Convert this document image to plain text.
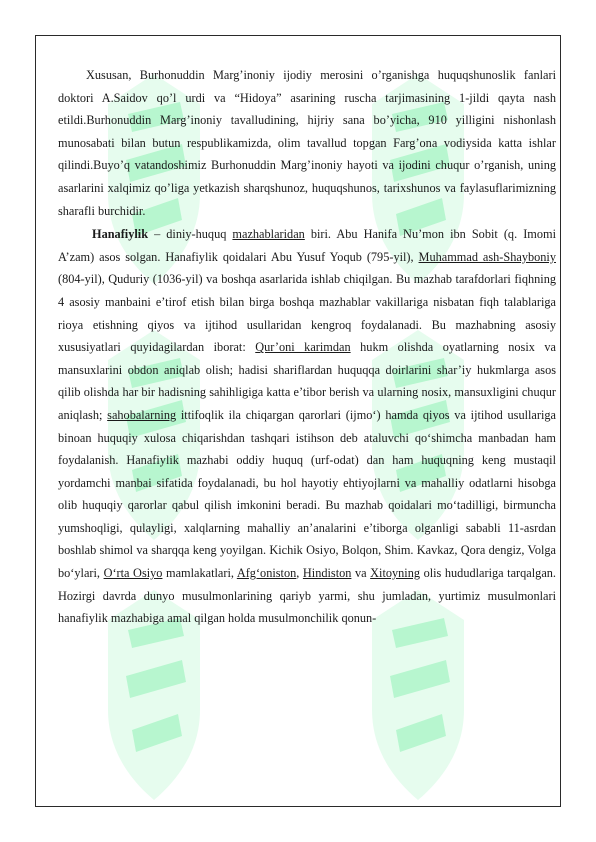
Xususan, Burhonuddin Marg’inoniy ijodiy merosini o’rganishga huquqshunoslik fanlari doktori A.Saidov qo’l urdi va “Hidoya” asarining ruscha tarjimasining 1-jildi qayta nash etildi.Burhonuddin Marg’inoniy tavalludining, hijriy sana bo’yicha, 910 yilligini nishonlash munosabati bilan butun respublikamizda, olim tavallud topgan Farg’ona vodiysida katta ishlar qilindi.Buyo’q vatandoshimiz Burhonuddin Marg’inoniy hayoti va ijodini chuqur o’rganish, uning asarlarini xalqimiz qo’liga yetkazish sharqshunoz, huquqshunos, tarixshunos va faylasuflarimizning sharafli burchidir.

Hanafiylik – diniy-huquq mazhablaridan biri. Abu Hanifa Nu’mon ibn Sobit (q. Imomi A’zam) asos solgan. Hanafiylik qoidalari Abu Yusuf Yoqub (795-yil), Muhammad ash-Shayboniy (804-yil), Quduriy (1036-yil) va boshqa asarlarida ishlab chiqilgan. Bu mazhab tarafdorlari fiqhning 4 asosiy manbaini e’tirof etish bilan birga boshqa mazhablar vakillariga nisbatan fiqh talablariga rioya etishning qiyos va ijtihod usullaridan kengroq foydalanadi. Bu mazhabning asosiy xususiyatlari quyidagilardan iborat: Qur’oni karimdan hukm olishda oyatlarning nosix va mansuxlarini obdon aniqlab olish; hadisi shariflardan huquqqa doirlarini shar’iy hukmlarga asos qilib olishda har bir hadisning sahihligiga katta e’tibor berish va ularning nosix, mansuxligini chuqur aniqlash; sahobalarning ittifoqlik ila chiqargan qarorlari (ijmo‘) hamda qiyos va ijtihod usullariga binoan huquqiy xulosa chiqarishdan tashqari istihson deb ataluvchi qo‘shimcha manbadan ham foydalanish. Hanafiylik mazhabi oddiy huquq (urf-odat) dan ham huquqning keng mustaqil yordamchi manbai sifatida foydalanadi, bu hol hayotiy ehtiyojlarni va mahalliy odatlarni hisobga olib huquqiy qarorlar qabul qilish imkonini beradi. Bu mazhab qoidalari mo‘tadilligi, birmuncha yumshoqligi, qulayligi, xalqlarning mahalliy an’analarini e’tiborga olganligi sababli 11-asrdan boshlab shimol va sharqqa keng yoyilgan. Kichik Osiyo, Bolqon, Shim. Kavkaz, Qora dengiz, Volga bo‘ylari, O‘rta Osiyo mamlakatlari, Afg‘oniston, Hindiston va Xitoyning olis hududlariga tarqalgan. Hozirgi davrda dunyo musulmonlarining qariyb yarmi, shu jumladan, yurtimiz musulmonlari hanafiylik mazhabiga amal qilgan holda musulmonchilik qonun-
